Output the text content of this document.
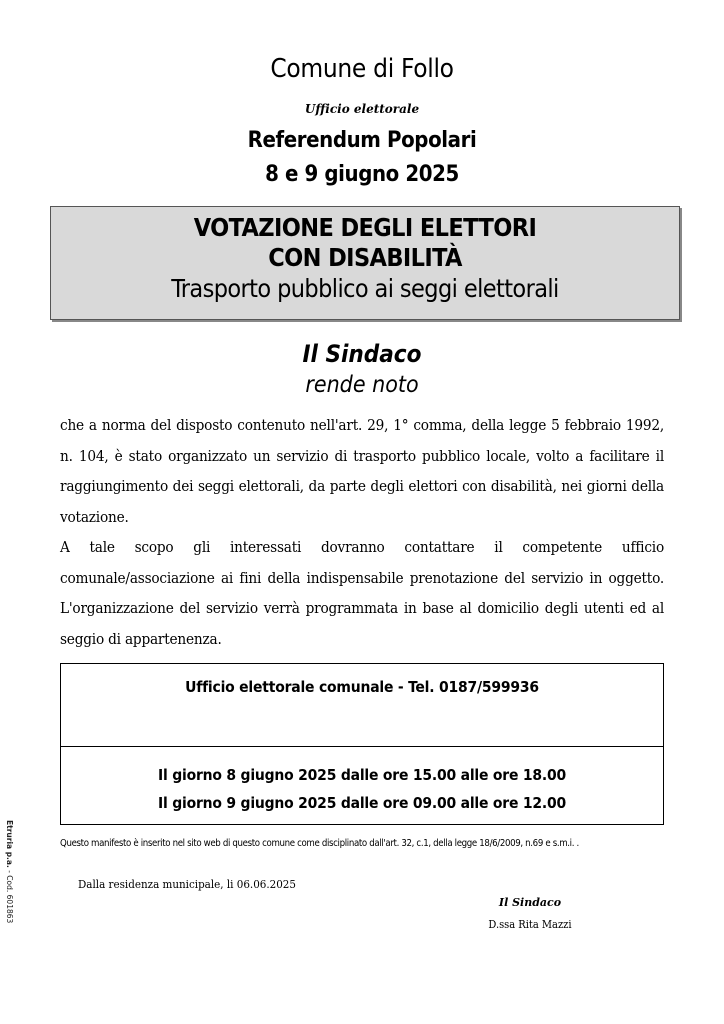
Comune di Follo
Ufficio elettorale
Referendum Popolari
8 e 9 giugno 2025
VOTAZIONE DEGLI ELETTORI
CON DISABILITÀ
Trasporto pubblico ai seggi elettorali
Il Sindaco
rende noto

che a norma del disposto contenuto nell'art. 29, 1° comma, della legge 5 febbraio 1992, n. 104, è stato organizzato un servizio di trasporto pubblico locale, volto a facilitare il raggiungimento dei seggi elettorali, da parte degli elettori con disabilità, nei giorni della votazione.

A tale scopo gli interessati dovranno contattare il competente ufficio comunale/associazione ai fini della indispensabile prenotazione del servizio in oggetto. L'organizzazione del servizio verrà programmata in base al domicilio degli utenti ed al seggio di appartenenza.

Ufficio elettorale comunale - Tel. 0187/599936
Il giorno 8 giugno 2025 dalle ore 15.00 alle ore 18.00
Il giorno 9 giugno 2025 dalle ore 09.00 alle ore 12.00
Questo manifesto è inserito nel sito web di questo comune come disciplinato dall'art. 32, c.1, della legge 18/6/2009, n.69 e s.m.i. .
Dalla residenza municipale, li 06.06.2025
Il Sindaco
D.ssa Rita Mazzi
Etruria p.a. - Cod. 601863
